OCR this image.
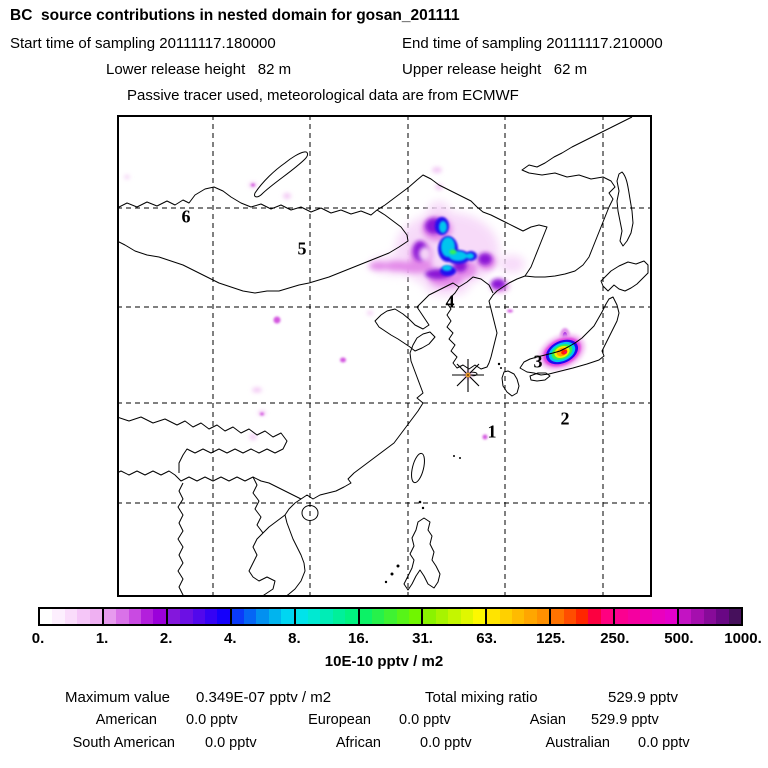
BC  source contributions in nested domain for gosan_201111
Start time of sampling 20111117.180000	End time of sampling 20111117.210000
Lower release height   82 m	Upper release height   62 m
Passive tracer used, meteorological data are from ECMWF
1
2
3
4
5
6
0.	1.	2.	4.	8.	16.	31.	63.	125. 250. 500. 1000.
10E-10 pptv / m2
Maximum value 0.349E-07 pptv / m2	Total mixing ratio	529.9 pptv
American 0.0 pptv	European 0.0 pptv	Asian 529.9 pptv
South American 0.0 pptv	African	0.0 pptv	Australian 0.0 pptv
